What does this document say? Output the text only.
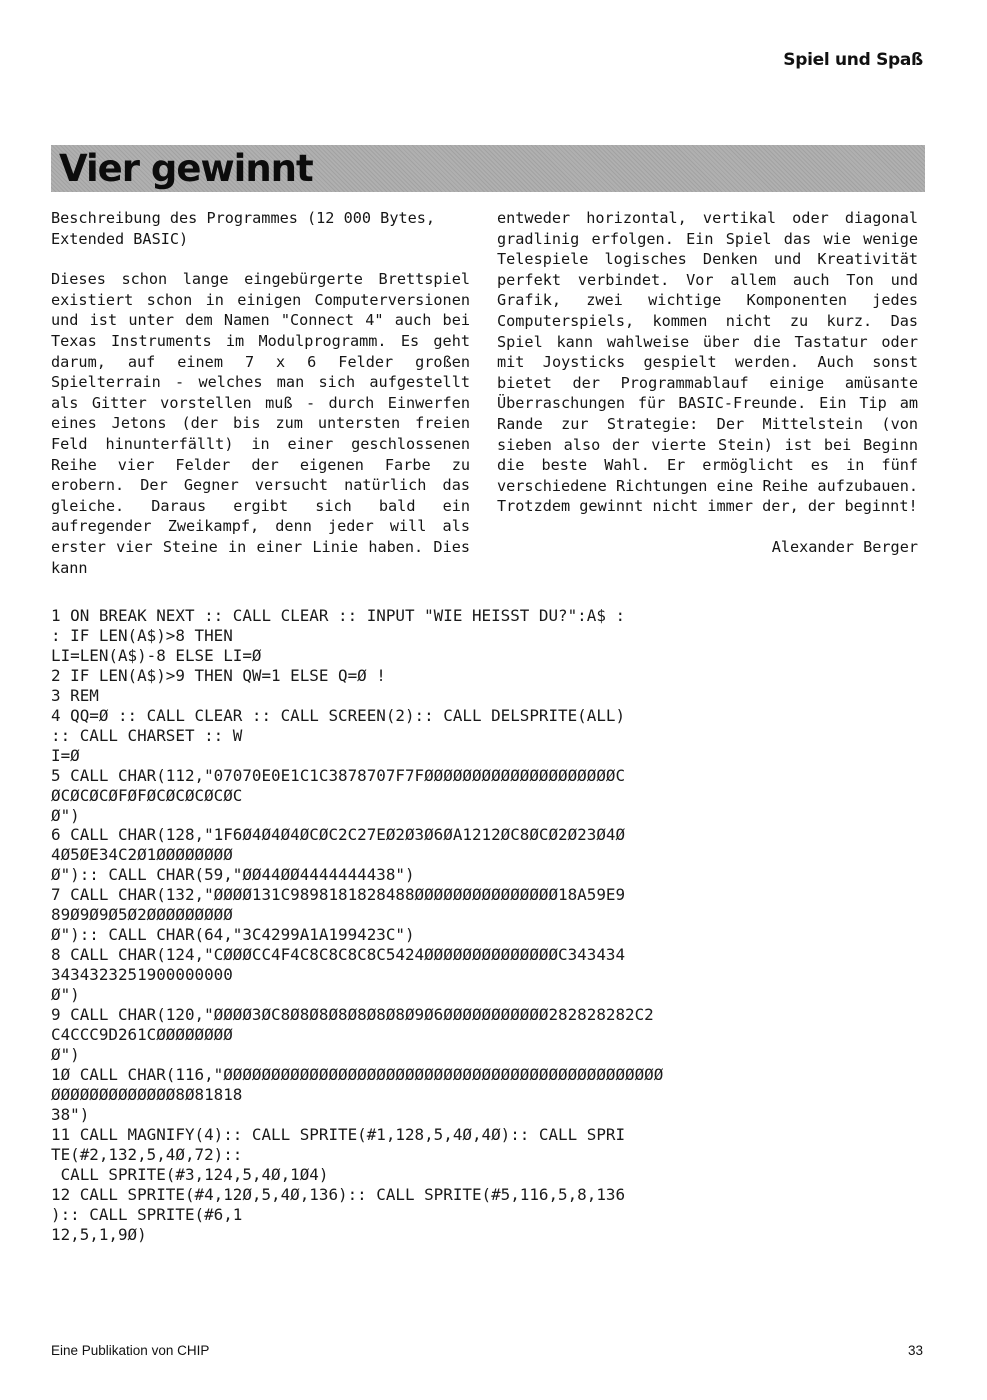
Spiel und Spaß
Vier gewinnt

Beschreibung des Programmes (12 000 Bytes, Extended BASIC)

Dieses schon lange eingebürgerte Brettspiel existiert schon in einigen Computerversionen und ist unter dem Namen "Connect 4" auch bei Texas Instruments im Modulprogramm. Es geht darum, auf einem 7 x 6 Felder großen Spielterrain - welches man sich aufgestellt als Gitter vorstellen muß - durch Einwerfen eines Jetons (der bis zum untersten freien Feld hinunterfällt) in einer geschlossenen Reihe vier Felder der eigenen Farbe zu erobern. Der Gegner versucht natürlich das gleiche. Daraus ergibt sich bald ein aufregender Zweikampf, denn jeder will als erster vier Steine in einer Linie haben. Dies kann

entweder horizontal, vertikal oder diagonal gradlinig erfolgen. Ein Spiel das wie wenige Telespiele logisches Denken und Kreativität perfekt verbindet. Vor allem auch Ton und Grafik, zwei wichtige Komponenten jedes Computerspiels, kommen nicht zu kurz. Das Spiel kann wahlweise über die Tastatur oder mit Joysticks gespielt werden. Auch sonst bietet der Programmablauf einige amüsante Überraschungen für BASIC-Freunde. Ein Tip am Rande zur Strategie: Der Mittelstein (von sieben also der vierte Stein) ist bei Beginn die beste Wahl. Er ermöglicht es in fünf verschiedene Richtungen eine Reihe aufzubauen. Trotzdem gewinnt nicht immer der, der beginnt!

Alexander Berger

1 ON BREAK NEXT :: CALL CLEAR :: INPUT "WIE HEISST DU?":A$ :
: IF LEN(A$)>8 THEN
LI=LEN(A$)-8 ELSE LI=Ø
2 IF LEN(A$)>9 THEN QW=1 ELSE Q=Ø !
3 REM
4 QQ=Ø :: CALL CLEAR :: CALL SCREEN(2):: CALL DELSPRITE(ALL)
:: CALL CHARSET :: W
I=Ø
5 CALL CHAR(112,"07070E0E1C1C3878707F7FØØØØØØØØØØØØØØØØØØØØC
ØCØCØCØFØFØCØCØCØCØC
Ø")
6 CALL CHAR(128,"1F6Ø4Ø4Ø4ØCØC2C27EØ2Ø3Ø6ØA1212ØC8ØCØ2Ø23Ø4Ø
4Ø5ØE34C2Ø1ØØØØØØØØ
Ø"):: CALL CHAR(59,"ØØ44ØØ4444444438")
7 CALL CHAR(132,"ØØØØ131C9898181828488ØØØØØØØØØØØØØØØ18A59E9
89Ø9Ø9Ø5Ø2ØØØØØØØØØ
Ø"):: CALL CHAR(64,"3C4299A1A199423C")
8 CALL CHAR(124,"CØØØCC4F4C8C8C8C8C5424ØØØØØØØØØØØØØØC343434
3434323251900000000
Ø")
9 CALL CHAR(120,"ØØØØ3ØC8Ø8Ø8Ø8Ø8Ø8Ø8Ø9Ø6ØØØØØØØØØØØ282828282C2
C4CCC9D261CØØØØØØØØ
Ø")
1Ø CALL CHAR(116,"ØØØØØØØØØØØØØØØØØØØØØØØØØØØØØØØØØØØØØØØØØØØØØØ
ØØØØØØØØØØØØØ8Ø81818
38")
11 CALL MAGNIFY(4):: CALL SPRITE(#1,128,5,4Ø,4Ø):: CALL SPRI
TE(#2,132,5,4Ø,72)::
CALL SPRITE(#3,124,5,4Ø,1Ø4)
12 CALL SPRITE(#4,12Ø,5,4Ø,136):: CALL SPRITE(#5,116,5,8,136
):: CALL SPRITE(#6,1
12,5,1,9Ø)

Eine Publikation von CHIP	33
